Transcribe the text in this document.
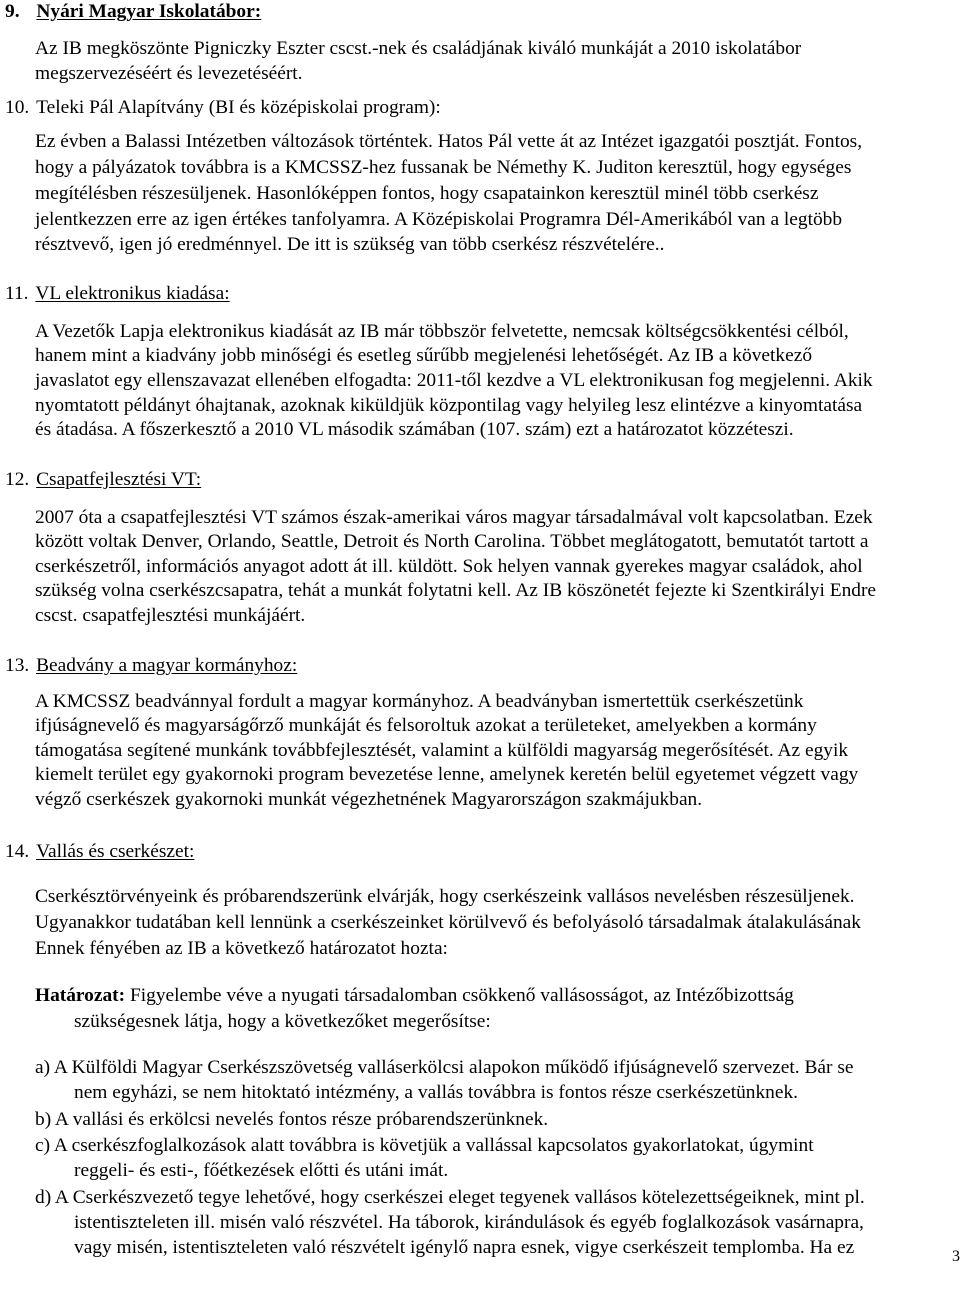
9. Nyári Magyar Iskolatábor:
Az IB megköszönte Pigniczky Eszter cscst.-nek és családjának kiváló munkáját a 2010 iskolatábor
megszervezéséért és levezetéséért.
10. Teleki Pál Alapítvány (BI és középiskolai program):
Ez évben a Balassi Intézetben változások történtek. Hatos Pál vette át az Intézet igazgatói posztját. Fontos,
hogy a pályázatok továbbra is a KMCSSZ-hez fussanak be Némethy K. Juditon keresztül, hogy egységes
megítélésben részesüljenek. Hasonlóképpen fontos, hogy csapatainkon keresztül minél több cserkész
jelentkezzen erre az igen értékes tanfolyamra. A Középiskolai Programra Dél-Amerikából van a legtöbb
résztvevő, igen jó eredménnyel. De itt is szükség van több cserkész részvételére..
11. VL elektronikus kiadása:
A Vezetők Lapja elektronikus kiadását az IB már többször felvetette, nemcsak költségcsökkentési célból,
hanem mint a kiadvány jobb minőségi és esetleg sűrűbb megjelenési lehetőségét. Az IB a következő
javaslatot egy ellenszavazat ellenében elfogadta: 2011-től kezdve a VL elektronikusan fog megjelenni. Akik
nyomtatott példányt óhajtanak, azoknak kiküldjük központilag vagy helyileg lesz elintézve a kinyomtatása
és átadása. A főszerkesztő a 2010 VL második számában (107. szám) ezt a határozatot közzéteszi.
12. Csapatfejlesztési VT:
2007 óta a csapatfejlesztési VT számos észak-amerikai város magyar társadalmával volt kapcsolatban. Ezek
között voltak Denver, Orlando, Seattle, Detroit és North Carolina. Többet meglátogatott, bemutatót tartott a
cserkészetről, információs anyagot adott át ill. küldött. Sok helyen vannak gyerekes magyar családok, ahol
szükség volna cserkészcsapatra, tehát a munkát folytatni kell. Az IB köszönetét fejezte ki Szentkirályi Endre
cscst. csapatfejlesztési munkájáért.
13. Beadvány a magyar kormányhoz:
A KMCSSZ beadvánnyal fordult a magyar kormányhoz. A beadványban ismertettük cserkészetünk
ifjúságnevelő és magyarságőrző munkáját és felsoroltuk azokat a területeket, amelyekben a kormány
támogatása segítené munkánk továbbfejlesztését, valamint a külföldi magyarság megerősítését. Az egyik
kiemelt terület egy gyakornoki program bevezetése lenne, amelynek keretén belül egyetemet végzett vagy
végző cserkészek gyakornoki munkát végezhetnének Magyarországon szakmájukban.
14. Vallás és cserkészet:
Cserkésztörvényeink és próbarendszerünk elvárják, hogy cserkészeink vallásos nevelésben részesüljenek.
Ugyanakkor tudatában kell lennünk a cserkészeinket körülvevő és befolyásoló társadalmak átalakulásának
Ennek fényében az IB a következő határozatot hozta:
Határozat: Figyelembe véve a nyugati társadalomban csökkenő vallásosságot, az Intézőbizottság
szükségesnek látja, hogy a következőket megerősítse:
a) A Külföldi Magyar Cserkészszövetség valláserkölcsi alapokon működő ifjúságnevelő szervezet. Bár se
nem egyházi, se nem hitoktató intézmény, a vallás továbbra is fontos része cserkészetünknek.
b) A vallási és erkölcsi nevelés fontos része próbarendszerünknek.
c) A cserkészfoglalkozások alatt továbbra is követjük a vallással kapcsolatos gyakorlatokat, úgymint
reggeli- és esti-, főétkezések előtti és utáni imát.
d) A Cserkészvezető tegye lehetővé, hogy cserkészei eleget tegyenek vallásos kötelezettségeiknek, mint pl.
istentiszteleten ill. misén való részvétel. Ha táborok, kirándulások és egyéb foglalkozások vasárnapra,
vagy misén, istentiszteleten való részvételt igénylő napra esnek, vigye cserkészeit templomba. Ha ez	3
